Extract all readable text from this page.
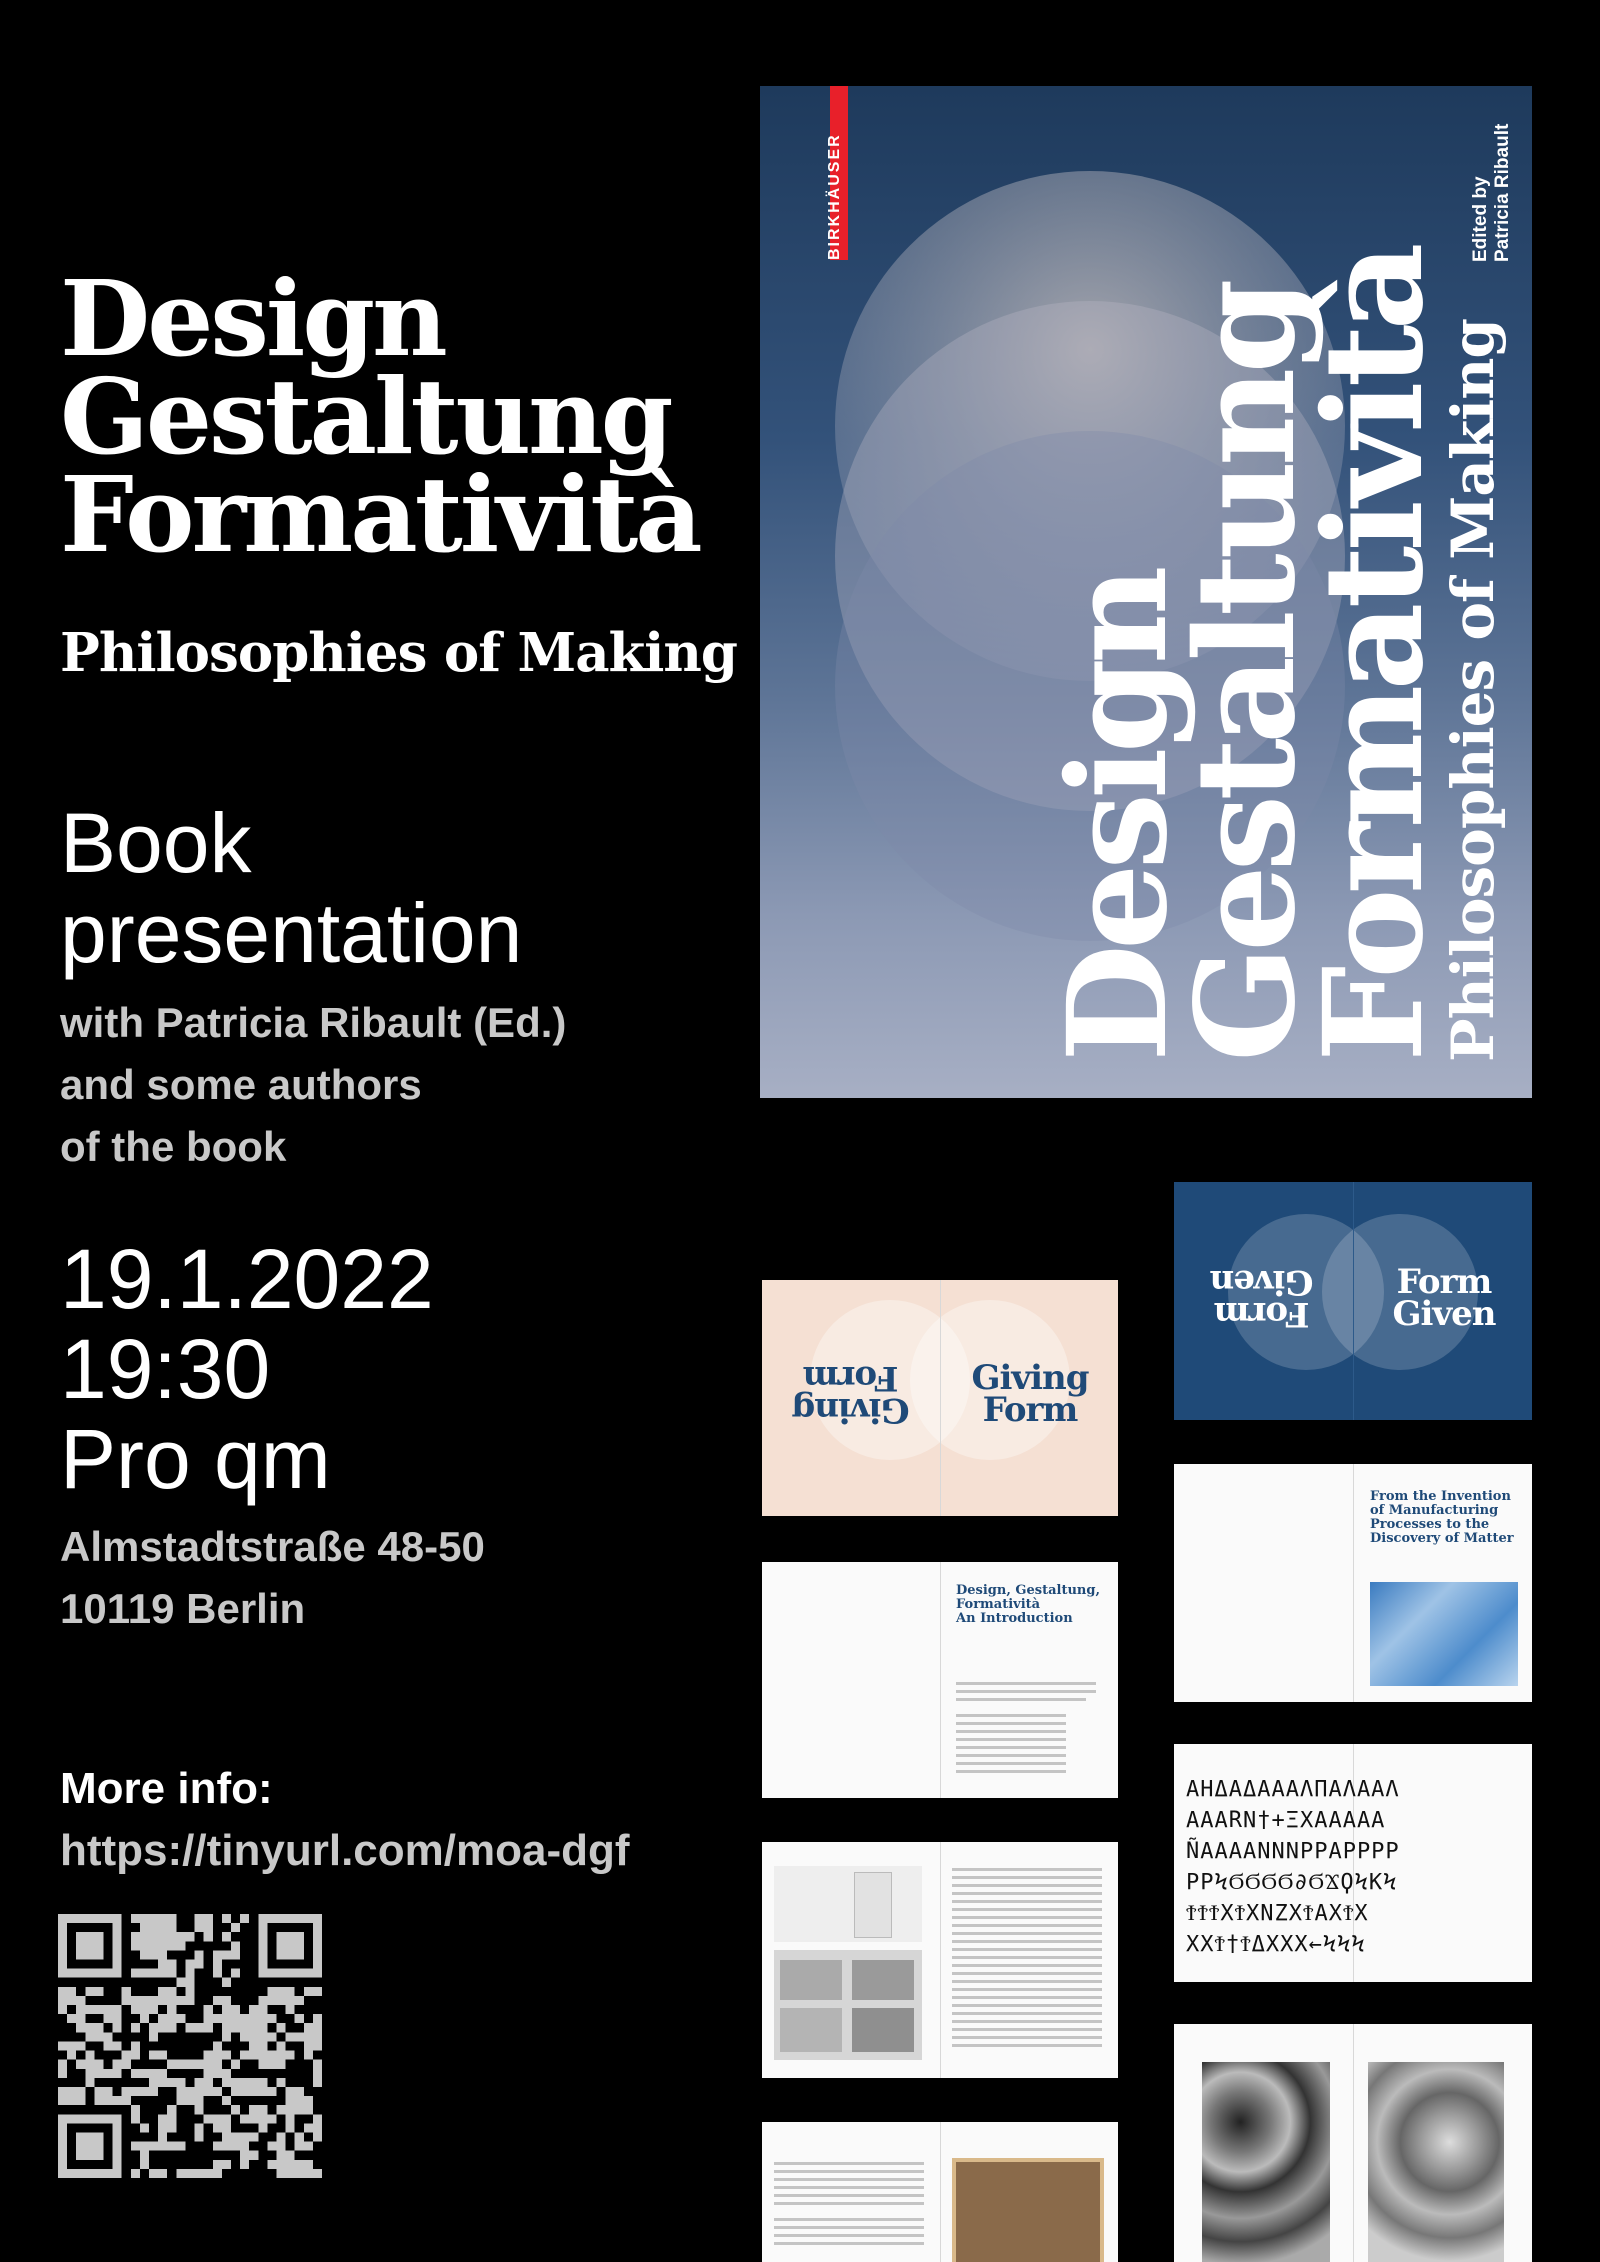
Design
Gestaltung
Formatività
Philosophies of Making
Book
presentation
with Patricia Ribault (Ed.)
and some authors
of the book
19.1.2022
19:30
Pro qm
Almstadtstraße 48-50
10119 Berlin
More info:
https://tinyurl.com/moa-dgf
BIRKHÄUSER	Edited by Patricia Ribault
Design
Gestaltung
Formatività
Philosophies of Making
Giving
Form	Giving
Form
Design, Gestaltung,
Formatività
An Introduction
Form
Given	Form
Given
From the Invention
of Manufacturing
Processes to the
Discovery of Matter
ΑΗΔΑΔΑΑΑΛΠΑΛΑΑΛ
ΑΑΑRΝ†+ΞΧΑΑΑΑΑ
ÑΑΑΑΑΝΝΝΡΡΑΡΡΡΡ
ΡΡϞϬϬϬϬ∂ϬϪϘϞΚϞ
ϮϮϮΧϮΧΝΖΧϮΑΧϮΧ
ΧΧϮ†ϮΔΧΧΧ←ϞϞϞ
